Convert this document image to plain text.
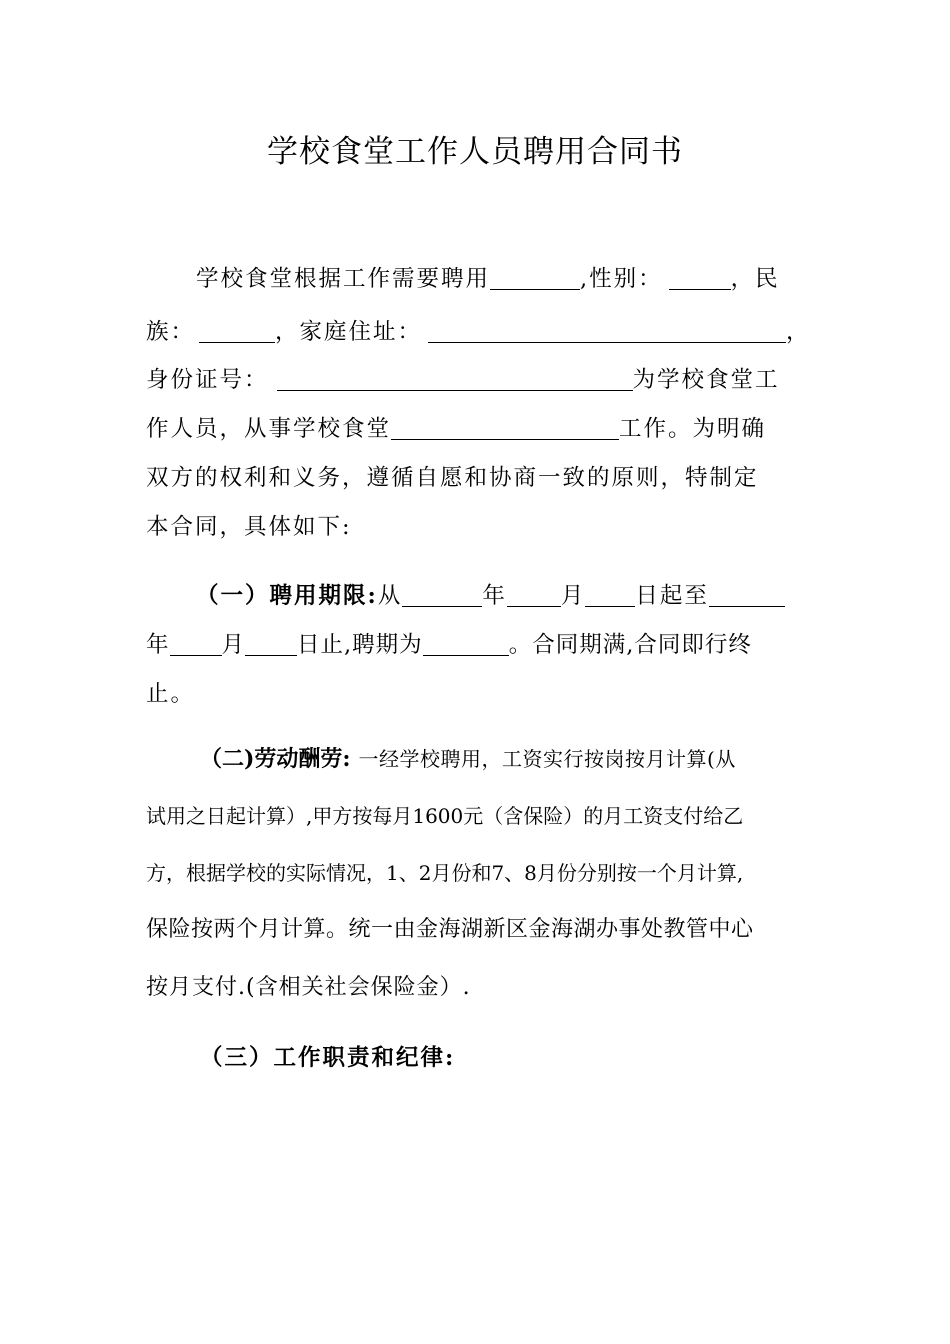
学校食堂工作人员聘用合同书
学校食堂根据工作需要聘用	,性别：	，民
族：	，家庭住址：	，
身份证号：	为学校食堂工
作人员，从事学校食堂	工作。为明确
双方的权利和义务，遵循自愿和协商一致的原则，特制定
本合同，具体如下:
（一）聘用期限:从	年 月 日起至
年 月 日止,聘期为	。合同期满,合同即行终
止。
（二)劳动酬劳: 一经学校聘用，工资实行按岗按月计算(从
试用之日起计算）,甲方按每月1600元（含保险）的月工资支付给乙
方，根据学校的实际情况，1、2月份和7、8月份分别按一个月计算,
保险按两个月计算。统一由金海湖新区金海湖办事处教管中心
按月支付.(含相关社会保险金）.
（三）工作职责和纪律:
